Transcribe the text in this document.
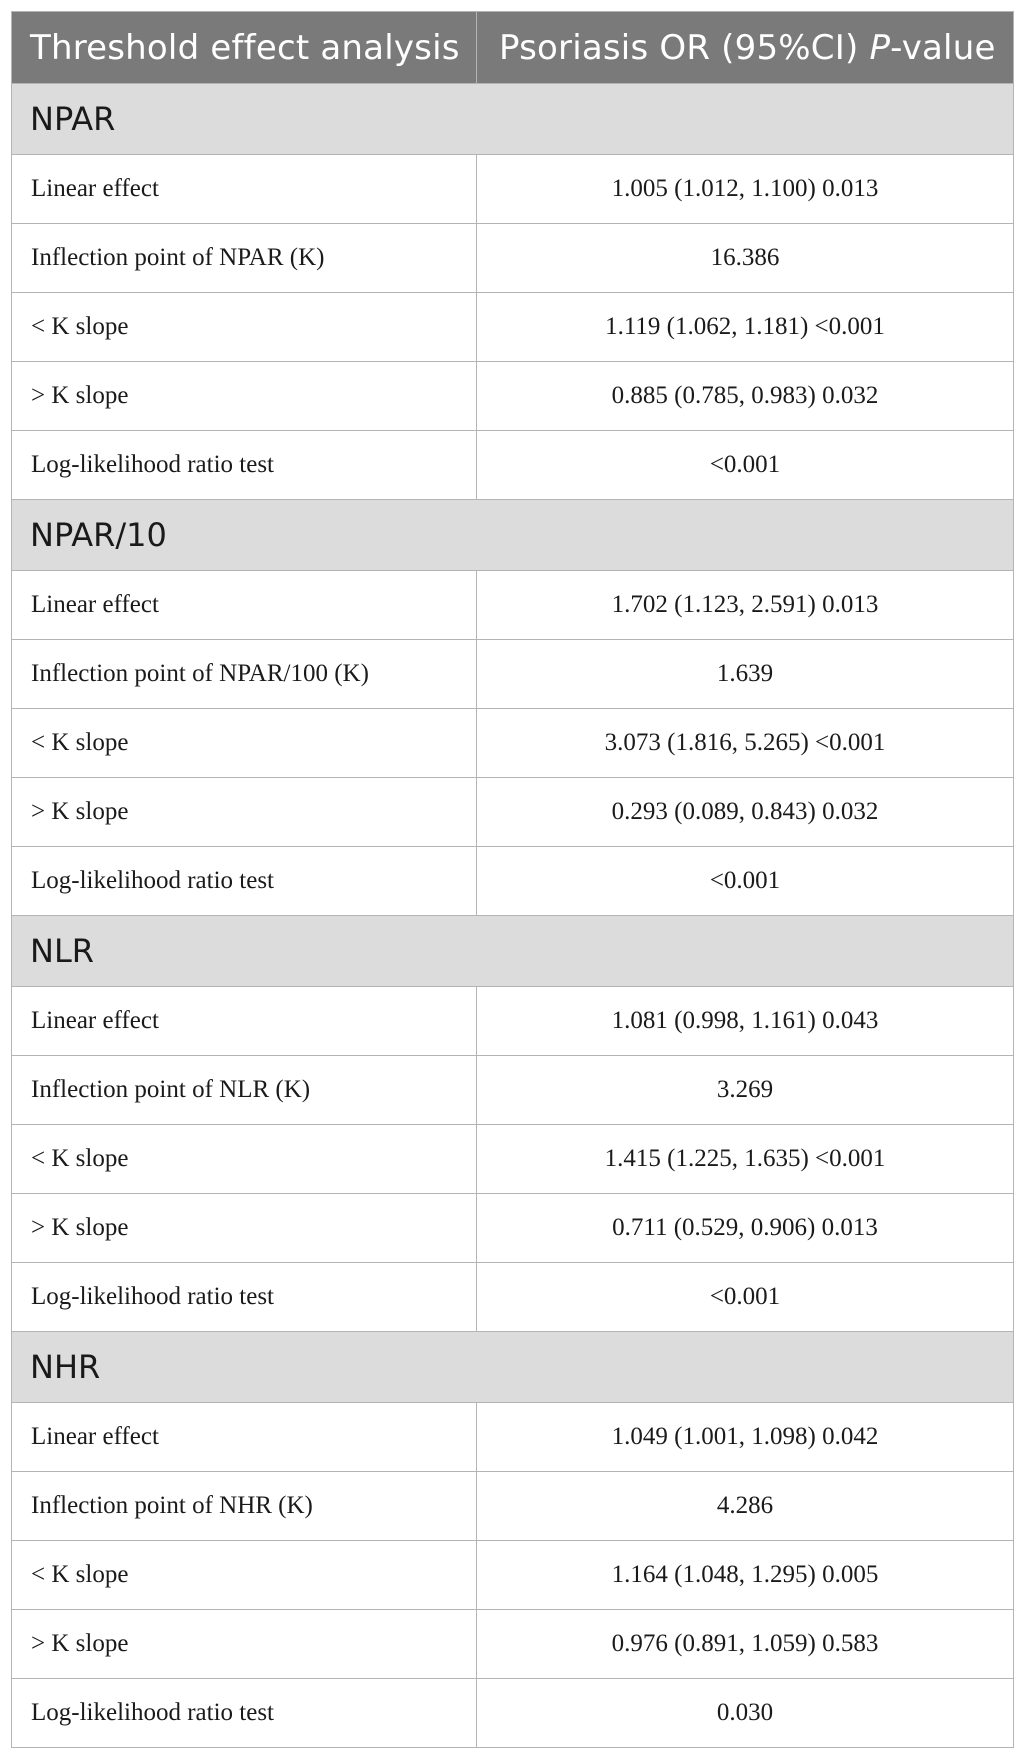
Threshold effect analysis	Psoriasis OR (95%CI) P-value
NPAR	
Linear effect	1.005 (1.012, 1.100) 0.013
Inflection point of NPAR (K)	16.386
< K slope	1.119 (1.062, 1.181) <0.001
> K slope	0.885 (0.785, 0.983) 0.032
Log-likelihood ratio test	<0.001
NPAR/10	
Linear effect	1.702 (1.123, 2.591) 0.013
Inflection point of NPAR/100 (K)	1.639
< K slope	3.073 (1.816, 5.265) <0.001
> K slope	0.293 (0.089, 0.843) 0.032
Log-likelihood ratio test	<0.001
NLR	
Linear effect	1.081 (0.998, 1.161) 0.043
Inflection point of NLR (K)	3.269
< K slope	1.415 (1.225, 1.635) <0.001
> K slope	0.711 (0.529, 0.906) 0.013
Log-likelihood ratio test	<0.001
NHR	
Linear effect	1.049 (1.001, 1.098) 0.042
Inflection point of NHR (K)	4.286
< K slope	1.164 (1.048, 1.295) 0.005
> K slope	0.976 (0.891, 1.059) 0.583
Log-likelihood ratio test	0.030
